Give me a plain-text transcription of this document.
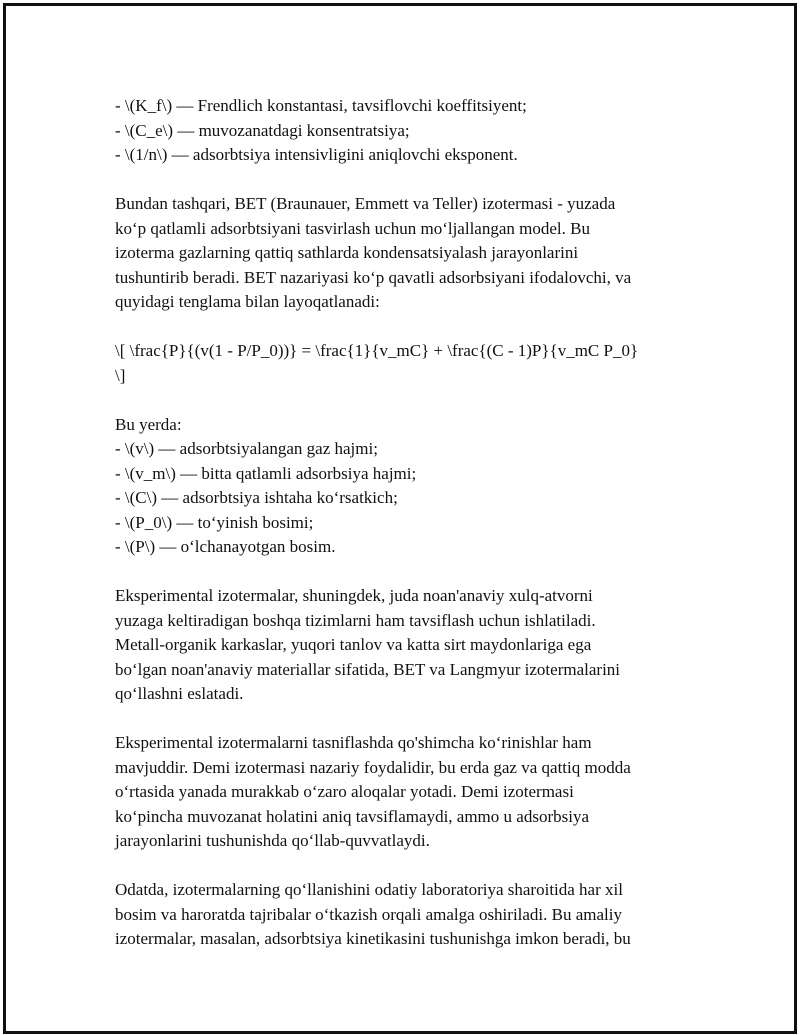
- \(K_f\) — Frendlich konstantasi, tavsiflovchi koeffitsiyent;
- \(C_e\) — muvozanatdagi konsentratsiya;
- \(1/n\) — adsorbtsiya intensivligini aniqlovchi eksponent.
Bundan tashqari, BET (Braunauer, Emmett va Teller) izotermasi - yuzada
ko‘p qatlamli adsorbtsiyani tasvirlash uchun mo‘ljallangan model. Bu
izoterma gazlarning qattiq sathlarda kondensatsiyalash jarayonlarini
tushuntirib beradi. BET nazariyasi ko‘p qavatli adsorbsiyani ifodalovchi, va
quyidagi tenglama bilan layoqatlanadi:
\[ \frac{P}{(v(1 - P/P_0))} = \frac{1}{v_mC} + \frac{(C - 1)P}{v_mC P_0}
\]
Bu yerda:
- \(v\) — adsorbtsiyalangan gaz hajmi;
- \(v_m\) — bitta qatlamli adsorbsiya hajmi;
- \(C\) — adsorbtsiya ishtaha ko‘rsatkich;
- \(P_0\) — to‘yinish bosimi;
- \(P\) — o‘lchanayotgan bosim.
Eksperimental izotermalar, shuningdek, juda noan'anaviy xulq-atvorni
yuzaga keltiradigan boshqa tizimlarni ham tavsiflash uchun ishlatiladi.
Metall-organik karkaslar, yuqori tanlov va katta sirt maydonlariga ega
bo‘lgan noan'anaviy materiallar sifatida, BET va Langmyur izotermalarini
qo‘llashni eslatadi.
Eksperimental izotermalarni tasniflashda qo'shimcha ko‘rinishlar ham
mavjuddir. Demi izotermasi nazariy foydalidir, bu erda gaz va qattiq modda
o‘rtasida yanada murakkab o‘zaro aloqalar yotadi. Demi izotermasi
ko‘pincha muvozanat holatini aniq tavsiflamaydi, ammo u adsorbsiya
jarayonlarini tushunishda qo‘llab-quvvatlaydi.
Odatda, izotermalarning qo‘llanishini odatiy laboratoriya sharoitida har xil
bosim va haroratda tajribalar o‘tkazish orqali amalga oshiriladi. Bu amaliy
izotermalar, masalan, adsorbtsiya kinetikasini tushunishga imkon beradi, bu
